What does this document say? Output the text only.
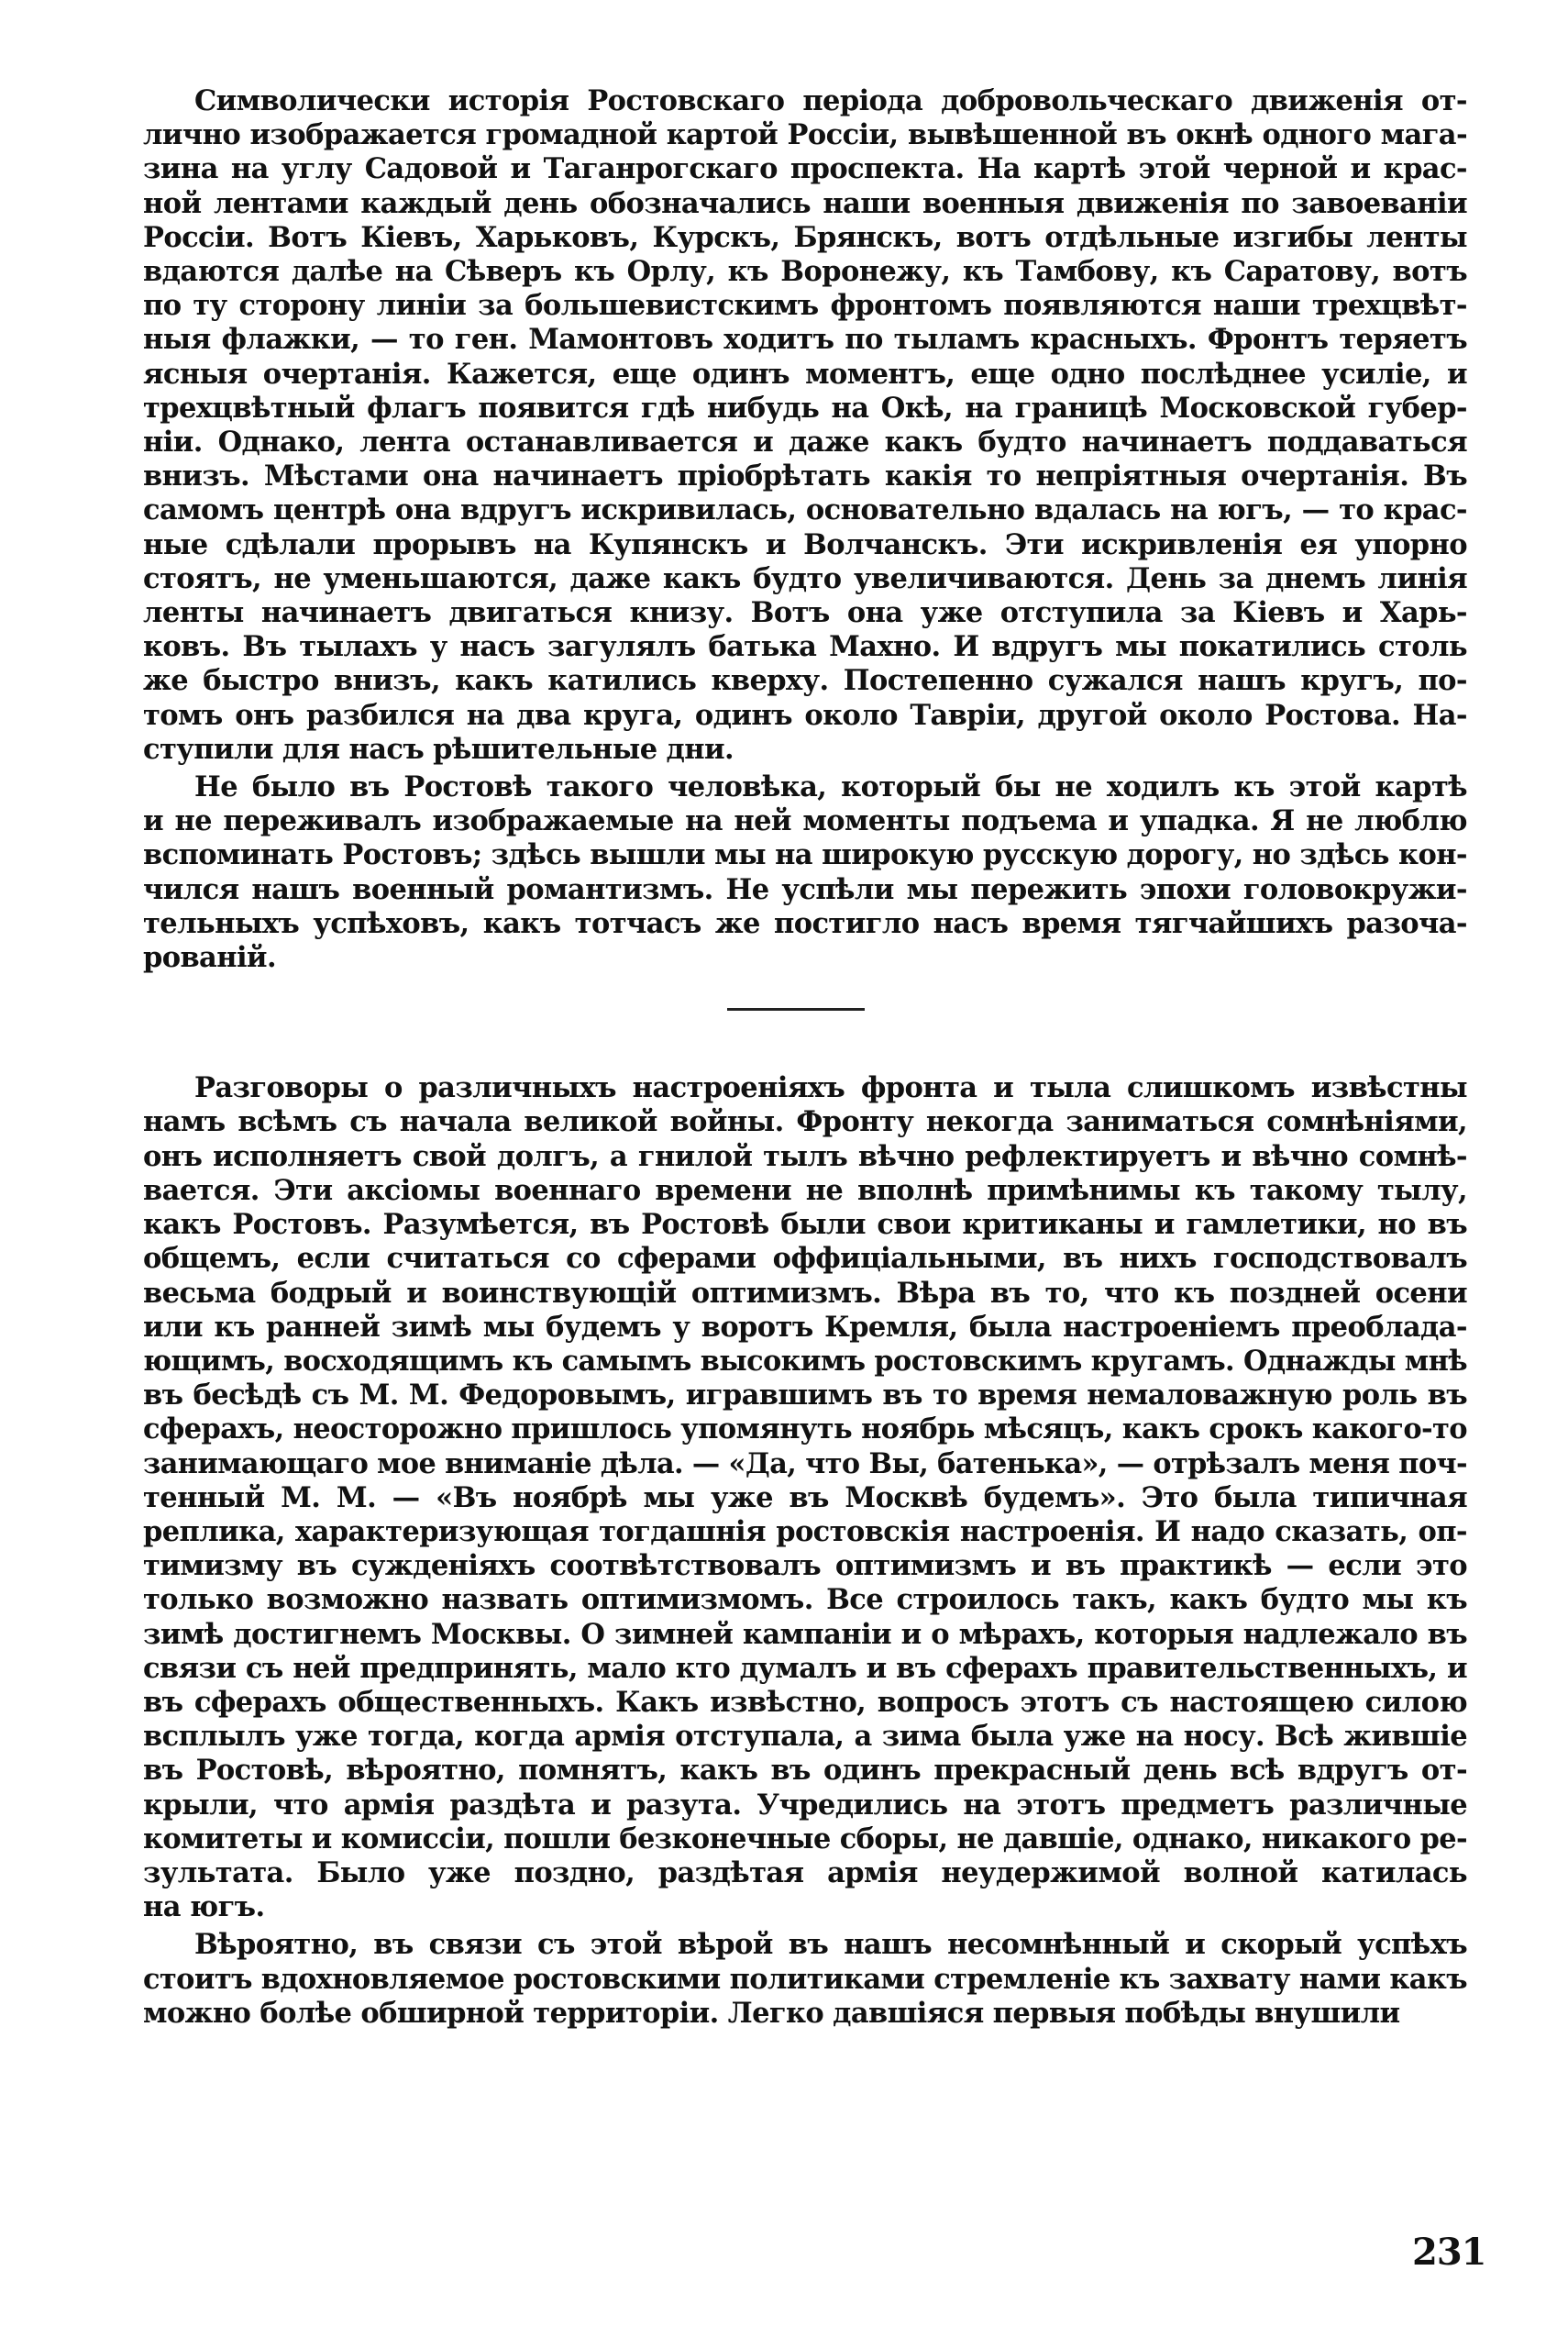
Символически исторія Ростовскаго періода добровольческаго движенія от-
лично изображается громадной картой Россіи, вывѣшенной въ окнѣ одного мага-
зина на углу Садовой и Таганрогскаго проспекта. На картѣ этой черной и крас-
ной лентами каждый день обозначались наши военныя движенія по завоеваніи
Россіи. Вотъ Кіевъ, Харьковъ, Курскъ, Брянскъ, вотъ отдѣльные изгибы ленты
вдаются далѣе на Сѣверъ къ Орлу, къ Воронежу, къ Тамбову, къ Саратову, вотъ
по ту сторону линіи за большевистскимъ фронтомъ появляются наши трехцвѣт-
ныя флажки, — то ген. Мамонтовъ ходитъ по тыламъ красныхъ. Фронтъ теряетъ
ясныя очертанія. Кажется, еще одинъ моментъ, еще одно послѣднее усиліе, и
трехцвѣтный флагъ появится гдѣ нибудь на Окѣ, на границѣ Московской губер-
ніи. Однако, лента останавливается и даже какъ будто начинаетъ поддаваться
внизъ. Мѣстами она начинаетъ пріобрѣтать какія то непріятныя очертанія. Въ
самомъ центрѣ она вдругъ искривилась, основательно вдалась на югъ, — то крас-
ные сдѣлали прорывъ на Купянскъ и Волчанскъ. Эти искривленія ея упорно
стоятъ, не уменьшаются, даже какъ будто увеличиваются. День за днемъ линія
ленты начинаетъ двигаться книзу. Вотъ она уже отступила за Кіевъ и Харь-
ковъ. Въ тылахъ у насъ загулялъ батька Махно. И вдругъ мы покатились столь
же быстро внизъ, какъ катились кверху. Постепенно сужался нашъ кругъ, по-
томъ онъ разбился на два круга, одинъ около Тавріи, другой около Ростова. На-
ступили для насъ рѣшительные дни.
Не было въ Ростовѣ такого человѣка, который бы не ходилъ къ этой картѣ
и не переживалъ изображаемые на ней моменты подъема и упадка. Я не люблю
вспоминать Ростовъ; здѣсь вышли мы на широкую русскую дорогу, но здѣсь кон-
чился нашъ военный романтизмъ. Не успѣли мы пережить эпохи головокружи-
тельныхъ успѣховъ, какъ тотчасъ же постигло насъ время тягчайшихъ разоча-
рованій.
Разговоры о различныхъ настроеніяхъ фронта и тыла слишкомъ извѣстны
намъ всѣмъ съ начала великой войны. Фронту некогда заниматься сомнѣніями,
онъ исполняетъ свой долгъ, а гнилой тылъ вѣчно рефлектируетъ и вѣчно сомнѣ-
вается. Эти аксіомы военнаго времени не вполнѣ примѣнимы къ такому тылу,
какъ Ростовъ. Разумѣется, въ Ростовѣ были свои критиканы и гамлетики, но въ
общемъ, если считаться со сферами оффиціальными, въ нихъ господствовалъ
весьма бодрый и воинствующій оптимизмъ. Вѣра въ то, что къ поздней осени
или къ ранней зимѣ мы будемъ у воротъ Кремля, была настроеніемъ преоблада-
ющимъ, восходящимъ къ самымъ высокимъ ростовскимъ кругамъ. Однажды мнѣ
въ бесѣдѣ съ М. М. Федоровымъ, игравшимъ въ то время немаловажную роль въ
сферахъ, неосторожно пришлось упомянуть ноябрь мѣсяцъ, какъ срокъ какого-то
занимающаго мое вниманіе дѣла. — «Да, что Вы, батенька», — отрѣзалъ меня поч-
тенный М. М. — «Въ ноябрѣ мы уже въ Москвѣ будемъ». Это была типичная
реплика, характеризующая тогдашнія ростовскія настроенія. И надо сказать, оп-
тимизму въ сужденіяхъ соотвѣтствовалъ оптимизмъ и въ практикѣ — если это
только возможно назвать оптимизмомъ. Все строилось такъ, какъ будто мы къ
зимѣ достигнемъ Москвы. О зимней кампаніи и о мѣрахъ, которыя надлежало въ
связи съ ней предпринять, мало кто думалъ и въ сферахъ правительственныхъ, и
въ сферахъ общественныхъ. Какъ извѣстно, вопросъ этотъ съ настоящею силою
всплылъ уже тогда, когда армія отступала, а зима была уже на носу. Всѣ жившіе
въ Ростовѣ, вѣроятно, помнятъ, какъ въ одинъ прекрасный день всѣ вдругъ от-
крыли, что армія раздѣта и разута. Учредились на этотъ предметъ различные
комитеты и комиссіи, пошли безконечные сборы, не давшіе, однако, никакого ре-
зультата. Было уже поздно, раздѣтая армія неудержимой волной катилась
на югъ.
Вѣроятно, въ связи съ этой вѣрой въ нашъ несомнѣнный и скорый успѣхъ
стоитъ вдохновляемое ростовскими политиками стремленіе къ захвату нами какъ
можно болѣе обширной территоріи. Легко давшіяся первыя побѣды внушили
231
